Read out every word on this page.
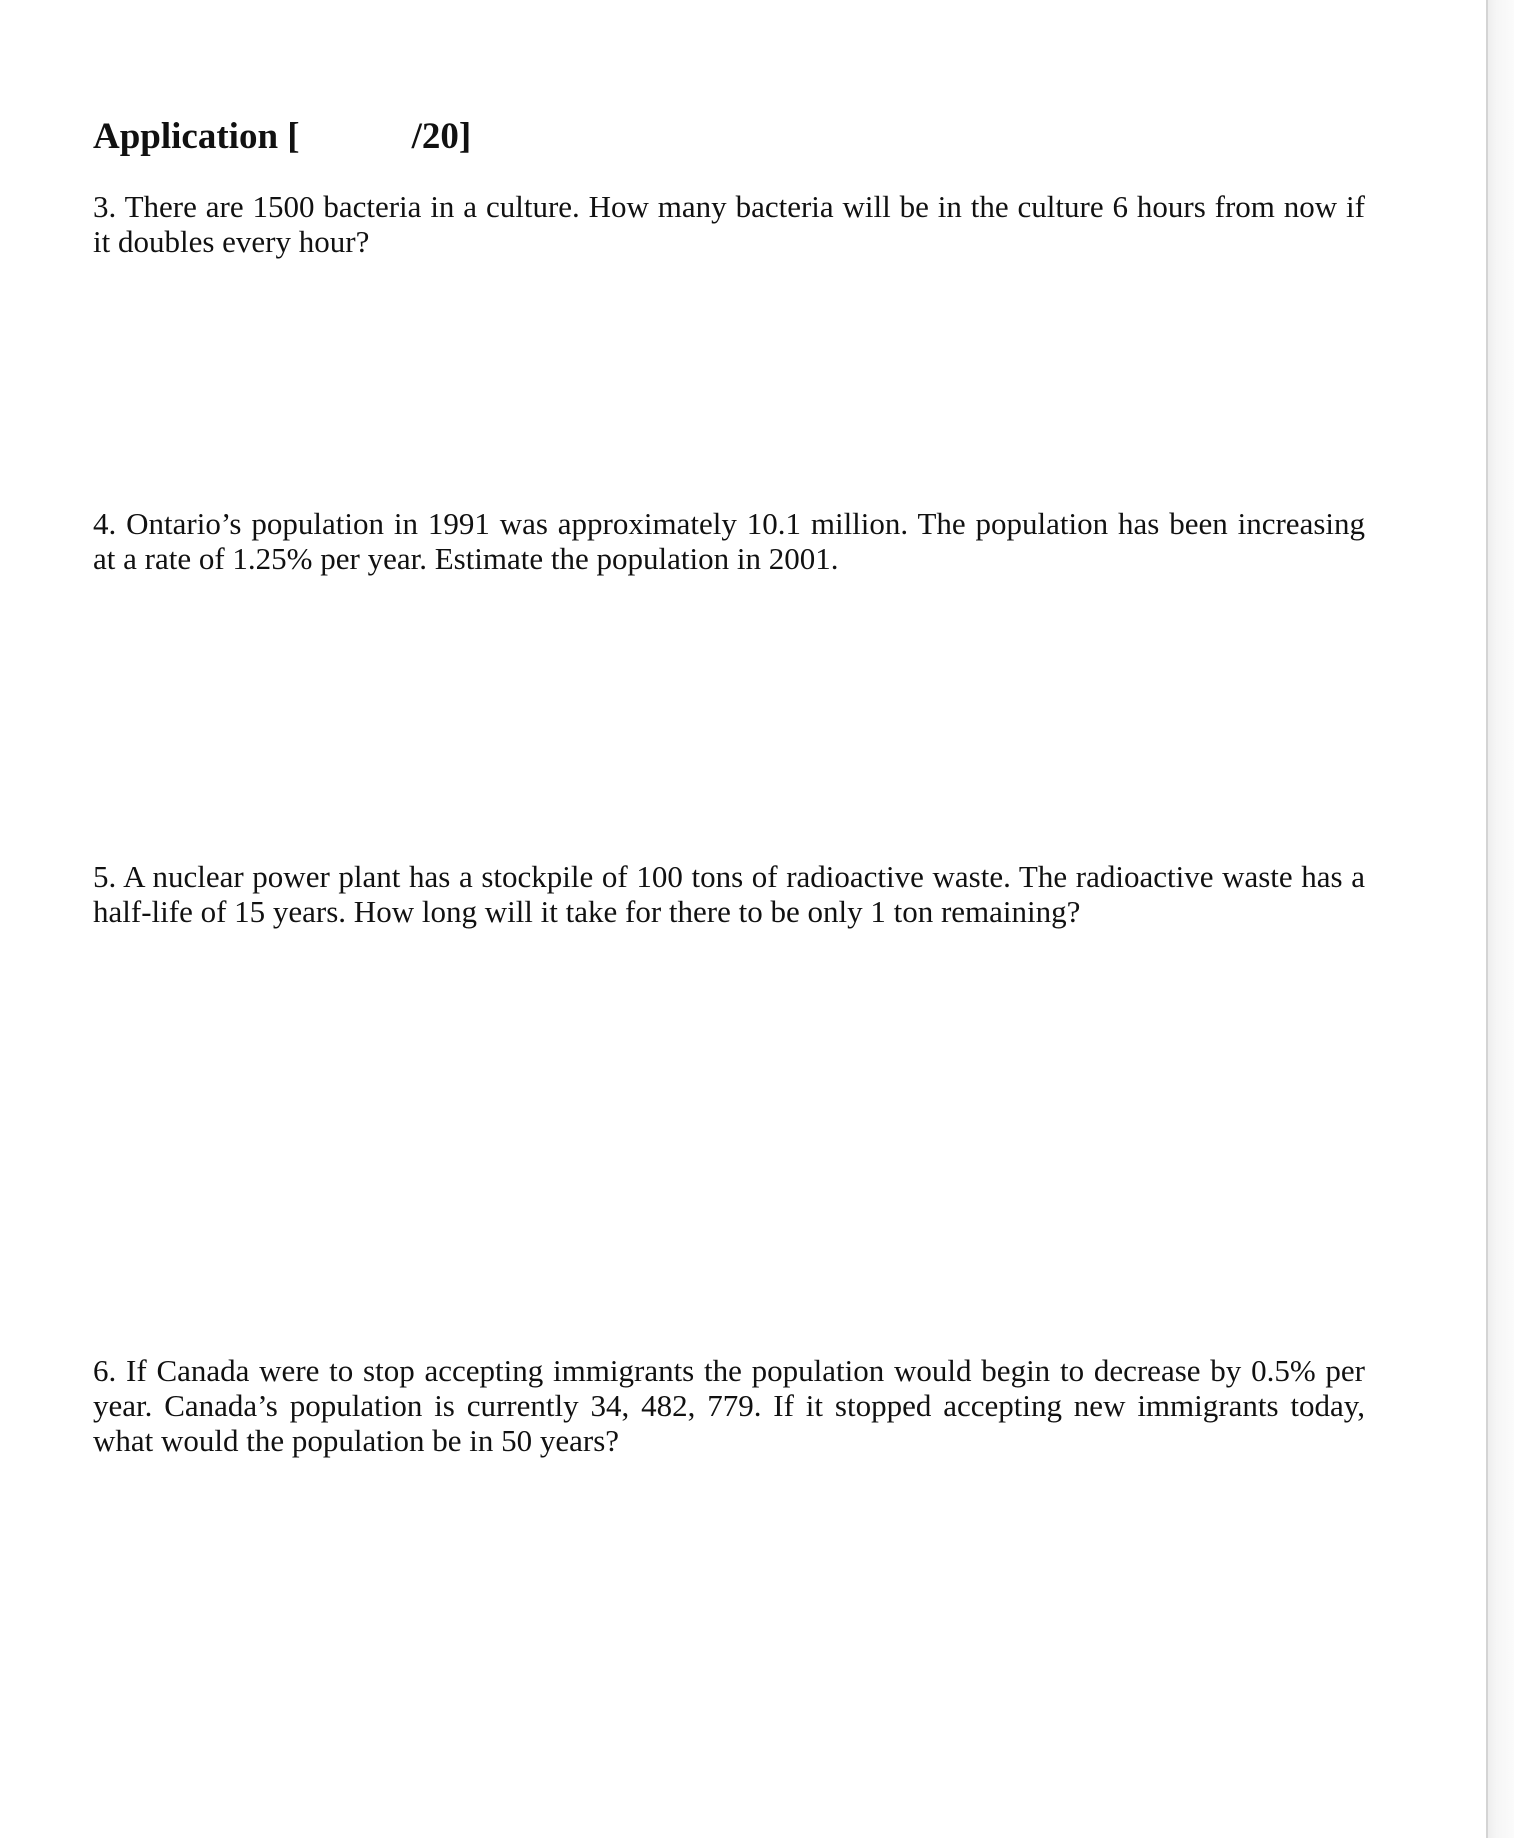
Application [	/20]
3. There are 1500 bacteria in a culture. How many bacteria will be in the culture 6 hours from now if it doubles every hour?
4. Ontario’s population in 1991 was approximately 10.1 million. The population has been increasing at a rate of 1.25% per year. Estimate the population in 2001.
5. A nuclear power plant has a stockpile of 100 tons of radioactive waste. The radioactive waste has a half-life of 15 years. How long will it take for there to be only 1 ton remaining?
6. If Canada were to stop accepting immigrants the population would begin to decrease by 0.5% per year. Canada’s population is currently 34, 482, 779. If it stopped accepting new immigrants today, what would the population be in 50 years?
